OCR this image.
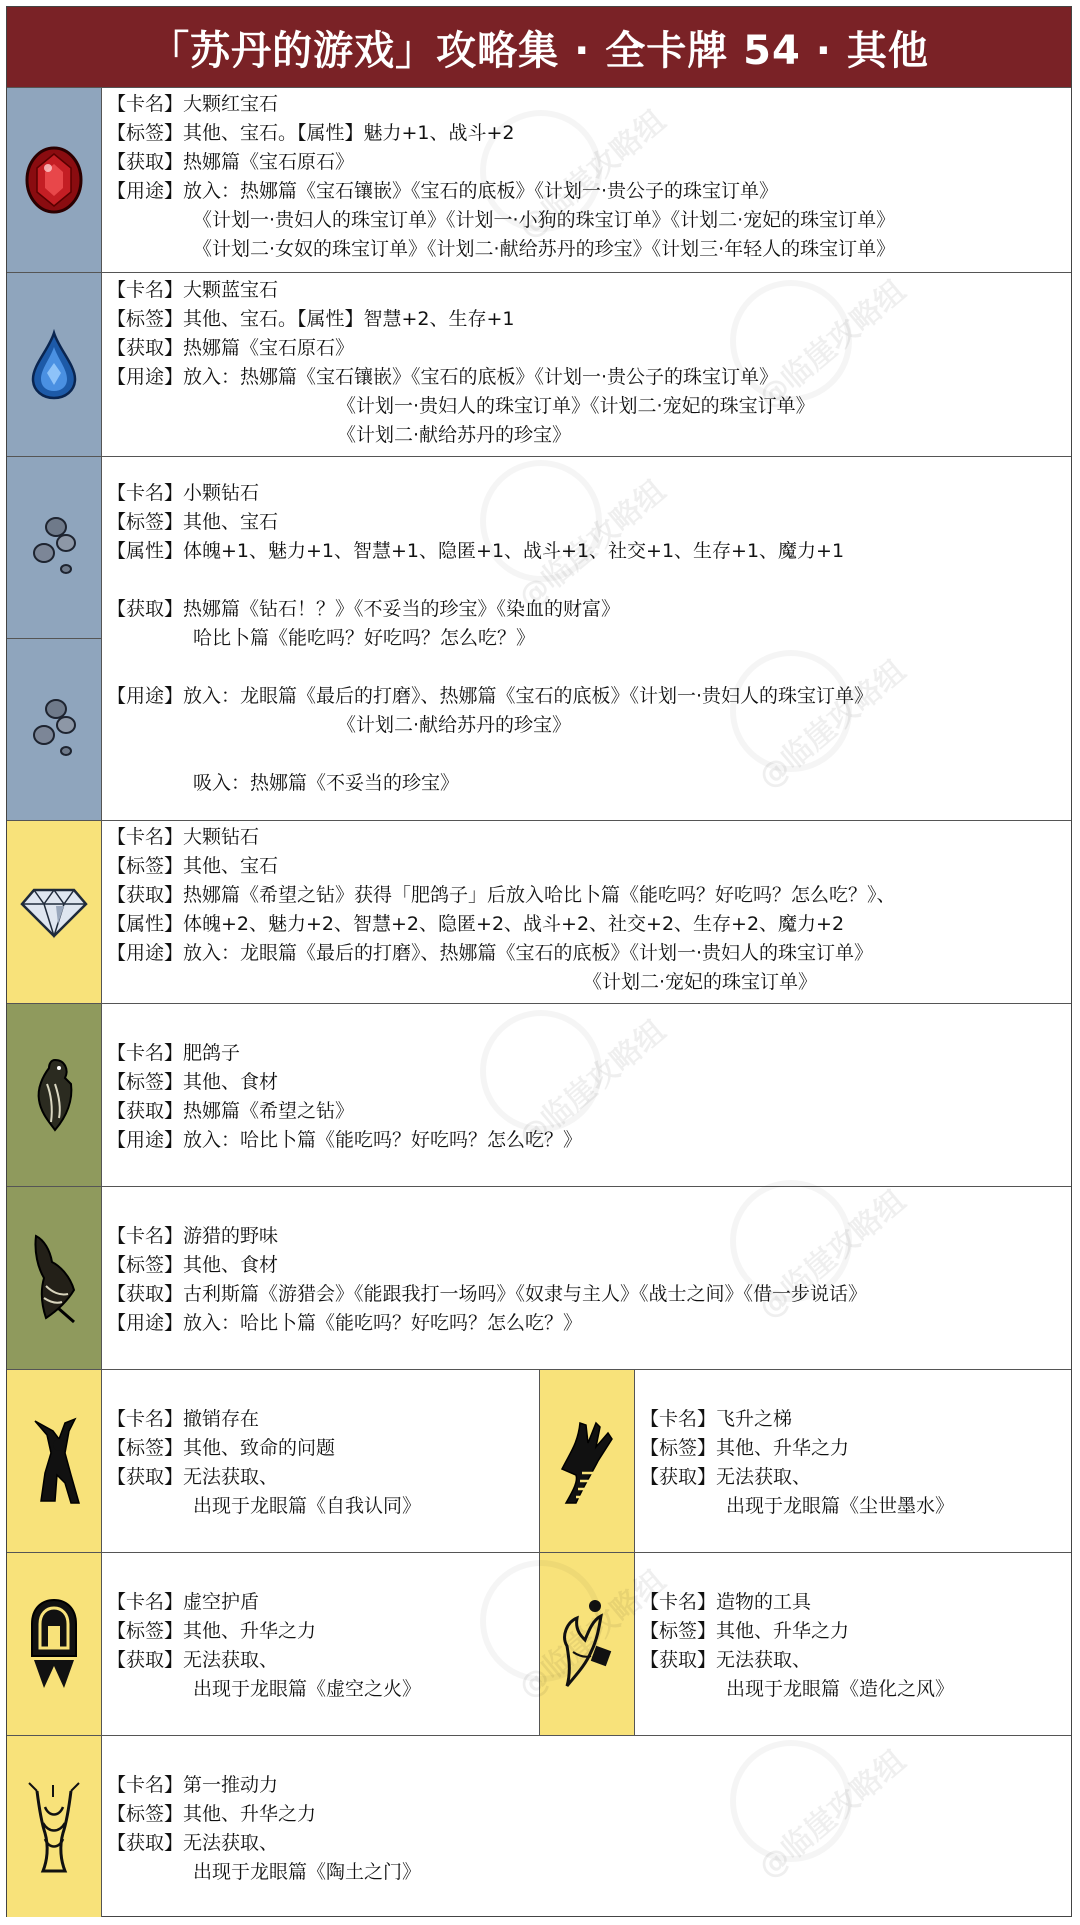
「苏丹的游戏」攻略集 · 全卡牌 54 · 其他
【卡名】大颗红宝石
【标签】其他、宝石。【属性】魅力+1、战斗+2
【获取】热娜篇《宝石原石》
【用途】放入：热娜篇《宝石镶嵌》《宝石的底板》《计划一·贵公子的珠宝订单》
《计划一·贵妇人的珠宝订单》《计划一·小狗的珠宝订单》《计划二·宠妃的珠宝订单》
《计划二·女奴的珠宝订单》《计划二·献给苏丹的珍宝》《计划三·年轻人的珠宝订单》
【卡名】大颗蓝宝石
【标签】其他、宝石。【属性】智慧+2、生存+1
【获取】热娜篇《宝石原石》
【用途】放入：热娜篇《宝石镶嵌》《宝石的底板》《计划一·贵公子的珠宝订单》
《计划一·贵妇人的珠宝订单》《计划二·宠妃的珠宝订单》
《计划二·献给苏丹的珍宝》
【卡名】小颗钻石
【标签】其他、宝石
【属性】体魄+1、魅力+1、智慧+1、隐匿+1、战斗+1、社交+1、生存+1、魔力+1
【获取】热娜篇《钻石！？》《不妥当的珍宝》《染血的财富》
哈比卜篇《能吃吗？好吃吗？怎么吃？》
【用途】放入：龙眼篇《最后的打磨》、热娜篇《宝石的底板》《计划一·贵妇人的珠宝订单》
《计划二·献给苏丹的珍宝》
吸入：热娜篇《不妥当的珍宝》
【卡名】大颗钻石
【标签】其他、宝石
【获取】热娜篇《希望之钻》获得「肥鸽子」后放入哈比卜篇《能吃吗？好吃吗？怎么吃？》、
【属性】体魄+2、魅力+2、智慧+2、隐匿+2、战斗+2、社交+2、生存+2、魔力+2
【用途】放入：龙眼篇《最后的打磨》、热娜篇《宝石的底板》《计划一·贵妇人的珠宝订单》
《计划二·宠妃的珠宝订单》
【卡名】肥鸽子
【标签】其他、食材
【获取】热娜篇《希望之钻》
【用途】放入：哈比卜篇《能吃吗？好吃吗？怎么吃？》
【卡名】游猎的野味
【标签】其他、食材
【获取】古利斯篇《游猎会》《能跟我打一场吗》《奴隶与主人》《战士之间》《借一步说话》
【用途】放入：哈比卜篇《能吃吗？好吃吗？怎么吃？》
【卡名】撤销存在
【标签】其他、致命的问题
【获取】无法获取、
出现于龙眼篇《自我认同》
【卡名】飞升之梯
【标签】其他、升华之力
【获取】无法获取、
出现于龙眼篇《尘世墨水》
【卡名】虚空护盾
【标签】其他、升华之力
【获取】无法获取、
出现于龙眼篇《虚空之火》
【卡名】造物的工具
【标签】其他、升华之力
【获取】无法获取、
出现于龙眼篇《造化之风》
【卡名】第一推动力
【标签】其他、升华之力
【获取】无法获取、
出现于龙眼篇《陶土之门》
@临崖攻略组
@临崖攻略组
@临崖攻略组
@临崖攻略组
@临崖攻略组
@临崖攻略组
@临崖攻略组
